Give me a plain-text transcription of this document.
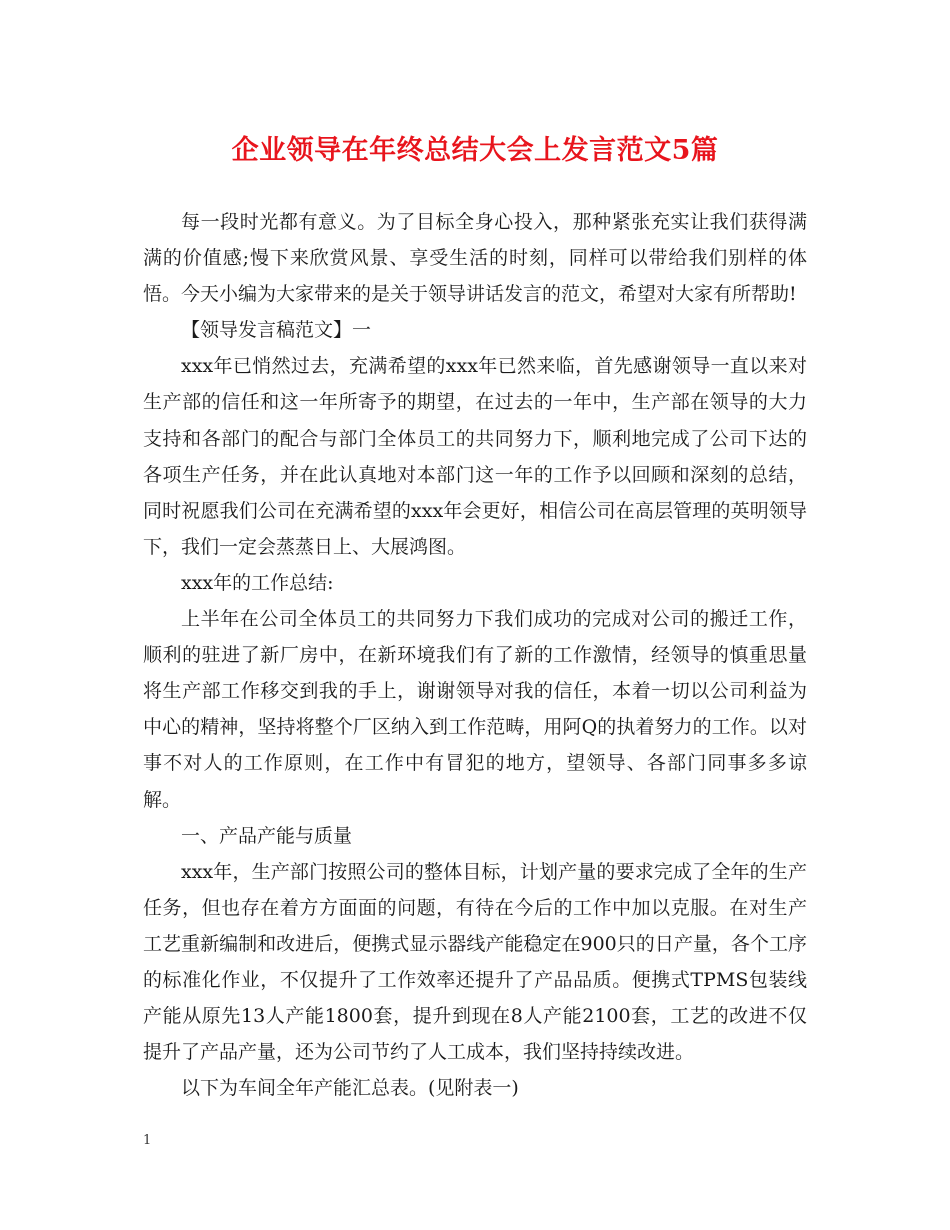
企业领导在年终总结大会上发言范文5篇

每一段时光都有意义。为了目标全身心投入，那种紧张充实让我们获得满满的价值感;慢下来欣赏风景、享受生活的时刻，同样可以带给我们别样的体悟。今天小编为大家带来的是关于领导讲话发言的范文，希望对大家有所帮助!

【领导发言稿范文】一

xxx年已悄然过去，充满希望的xxx年已然来临，首先感谢领导一直以来对生产部的信任和这一年所寄予的期望，在过去的一年中，生产部在领导的大力支持和各部门的配合与部门全体员工的共同努力下，顺利地完成了公司下达的各项生产任务，并在此认真地对本部门这一年的工作予以回顾和深刻的总结，同时祝愿我们公司在充满希望的xxx年会更好，相信公司在高层管理的英明领导下，我们一定会蒸蒸日上、大展鸿图。

xxx年的工作总结:

上半年在公司全体员工的共同努力下我们成功的完成对公司的搬迁工作，顺利的驻进了新厂房中，在新环境我们有了新的工作激情，经领导的慎重思量将生产部工作移交到我的手上，谢谢领导对我的信任，本着一切以公司利益为中心的精神，坚持将整个厂区纳入到工作范畴，用阿Q的执着努力的工作。以对事不对人的工作原则，在工作中有冒犯的地方，望领导、各部门同事多多谅解。

一、产品产能与质量

xxx年，生产部门按照公司的整体目标，计划产量的要求完成了全年的生产任务，但也存在着方方面面的问题，有待在今后的工作中加以克服。在对生产工艺重新编制和改进后，便携式显示器线产能稳定在900只的日产量，各个工序的标准化作业，不仅提升了工作效率还提升了产品品质。便携式TPMS包装线产能从原先13人产能1800套，提升到现在8人产能2100套，工艺的改进不仅提升了产品产量，还为公司节约了人工成本，我们坚持持续改进。

以下为车间全年产能汇总表。(见附表一)

1
